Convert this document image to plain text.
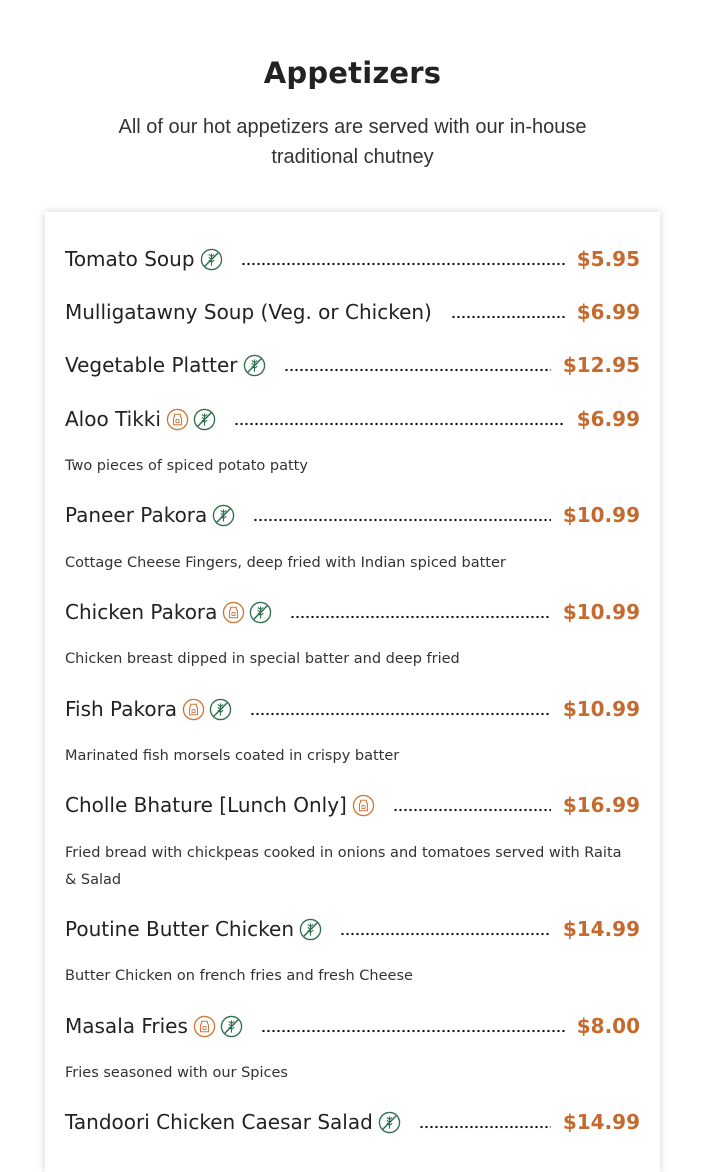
Appetizers
All of our hot appetizers are served with our in-house traditional chutney
Tomato Soup	$5.95
Mulligatawny Soup (Veg. or Chicken)	$6.99
Vegetable Platter	$12.95
Aloo Tikki	$6.99
Two pieces of spiced potato patty
Paneer Pakora	$10.99
Cottage Cheese Fingers, deep fried with Indian spiced batter
Chicken Pakora	$10.99
Chicken breast dipped in special batter and deep fried
Fish Pakora	$10.99
Marinated fish morsels coated in crispy batter
Cholle Bhature [Lunch Only]	$16.99
Fried bread with chickpeas cooked in onions and tomatoes served with Raita & Salad
Poutine Butter Chicken	$14.99
Butter Chicken on french fries and fresh Cheese
Masala Fries	$8.00
Fries seasoned with our Spices
Tandoori Chicken Caesar Salad	$14.99
